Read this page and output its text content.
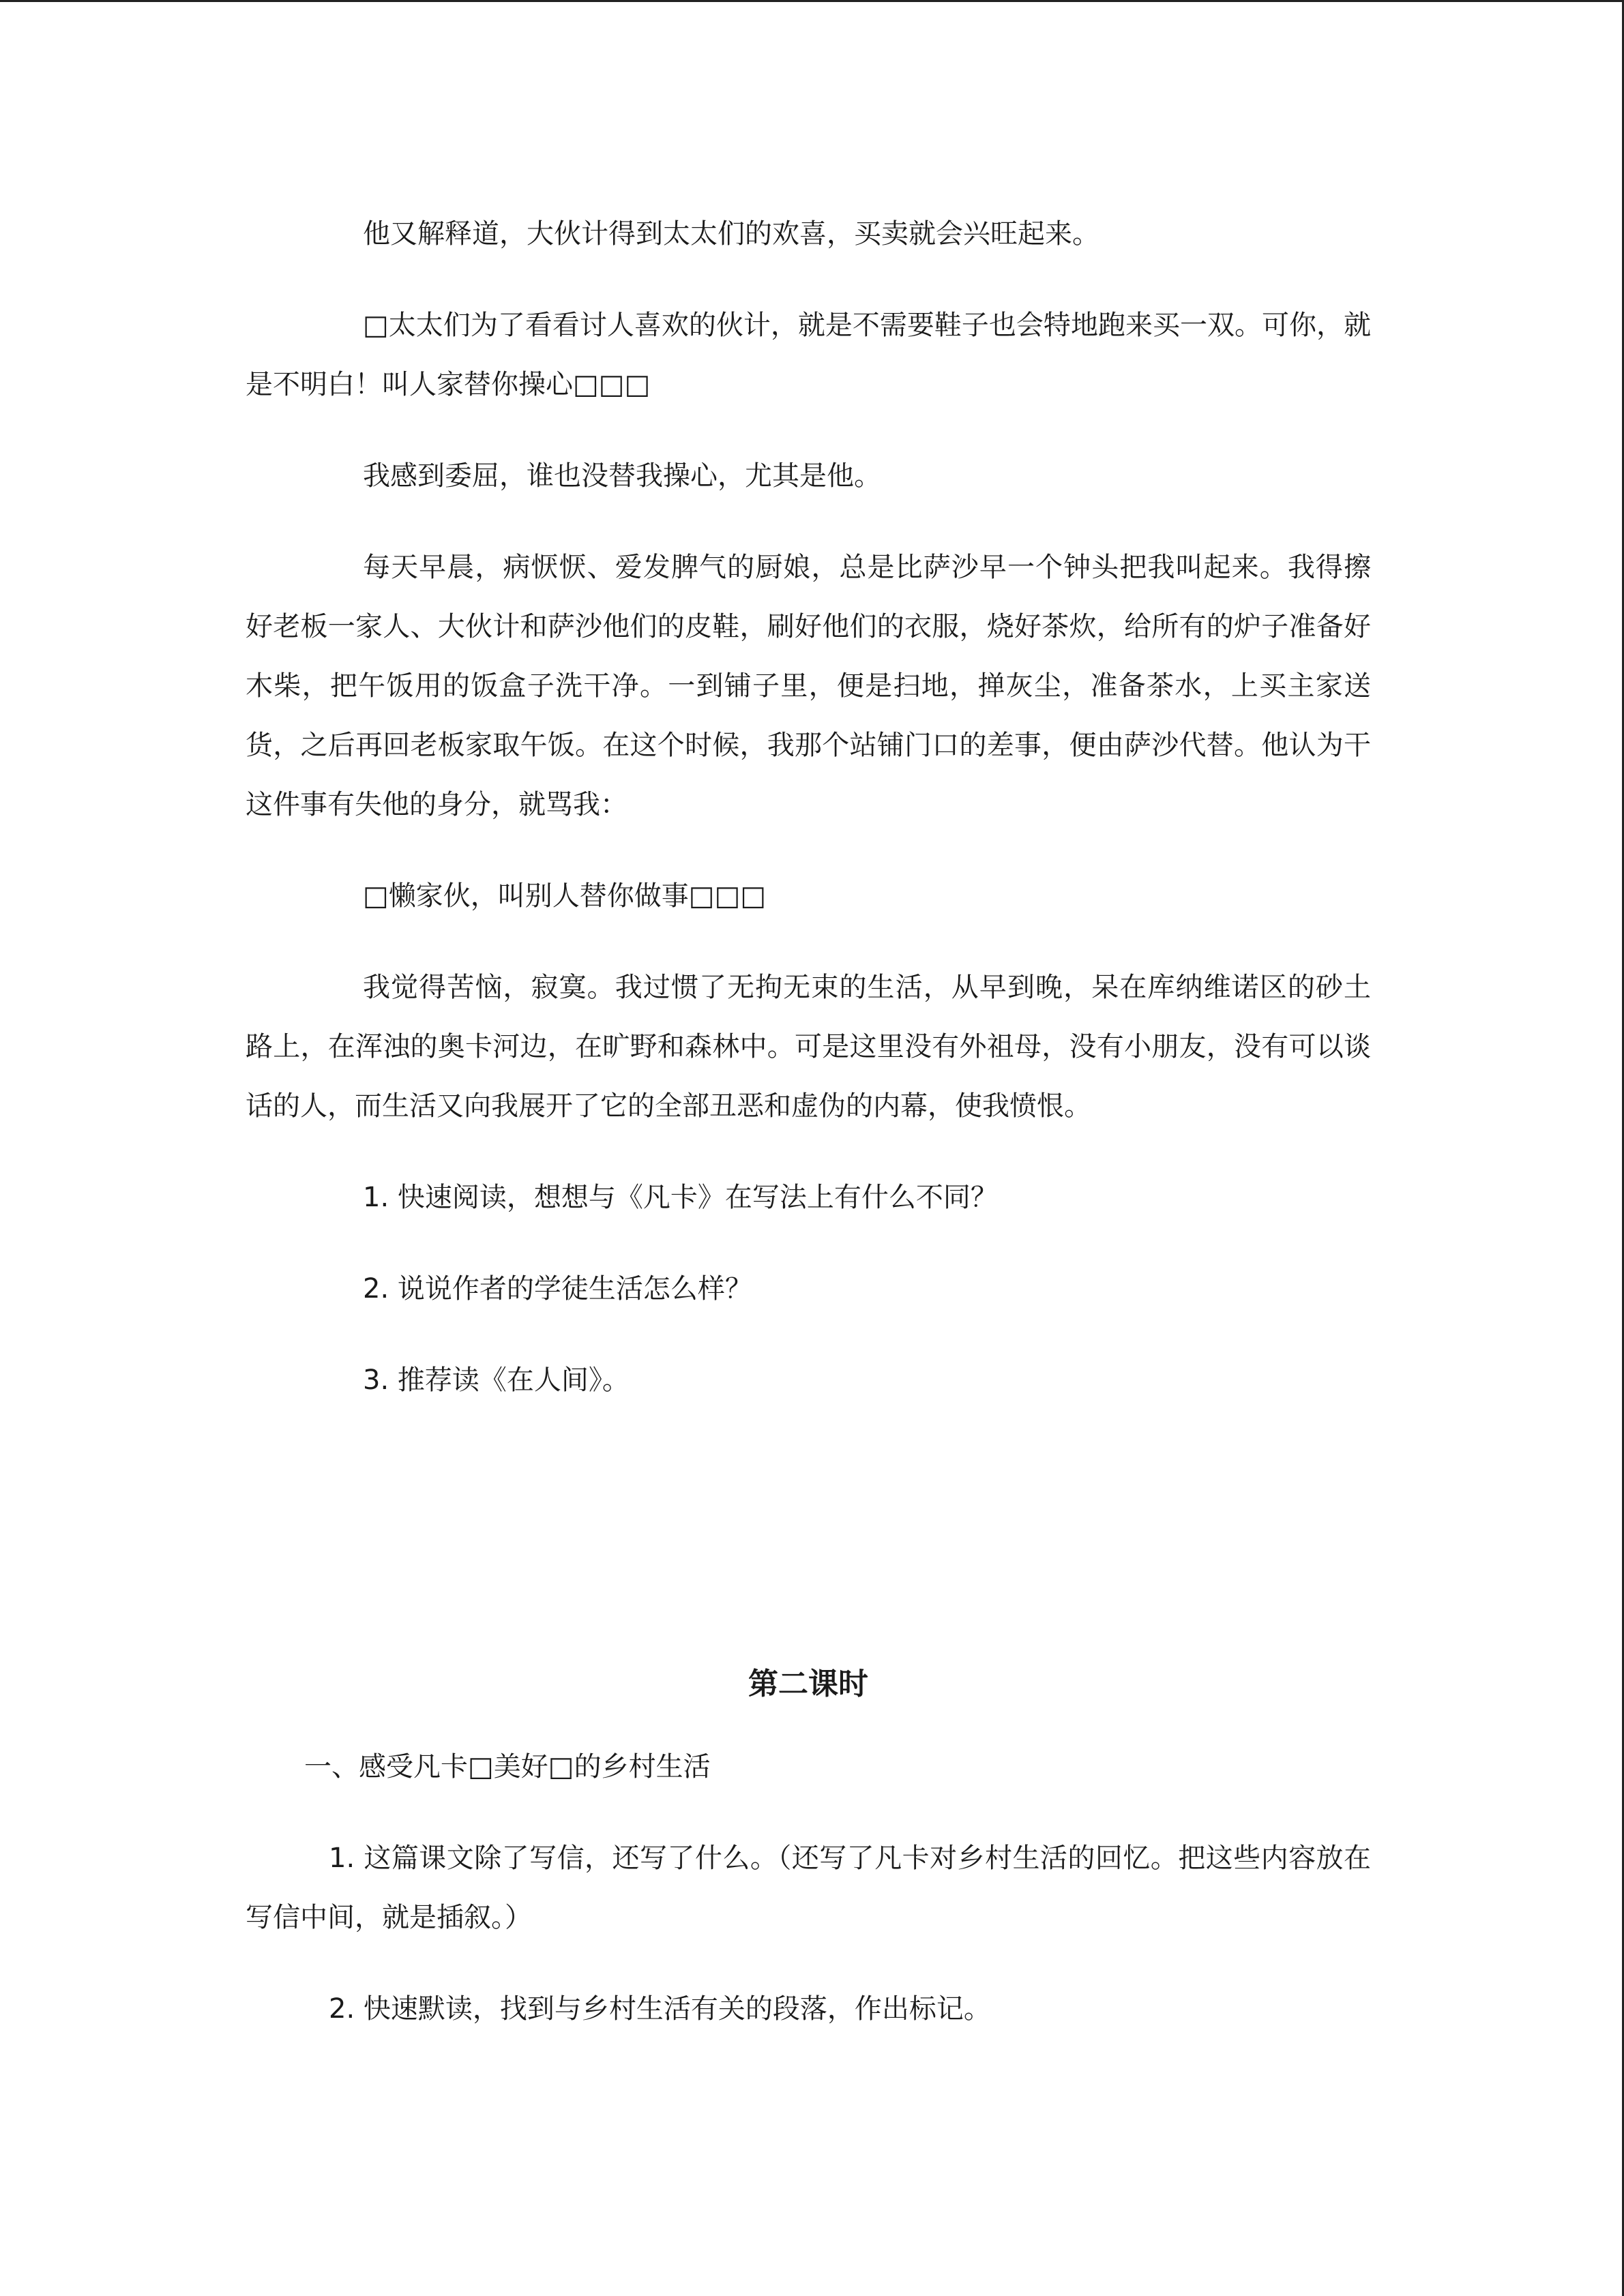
他又解释道，大伙计得到太太们的欢喜，买卖就会兴旺起来。

□太太们为了看看讨人喜欢的伙计，就是不需要鞋子也会特地跑来买一双。可你，就是不明白！叫人家替你操心□□□

我感到委屈，谁也没替我操心，尤其是他。

每天早晨，病恹恹、爱发脾气的厨娘，总是比萨沙早一个钟头把我叫起来。我得擦好老板一家人、大伙计和萨沙他们的皮鞋，刷好他们的衣服，烧好茶炊，给所有的炉子准备好木柴，把午饭用的饭盒子洗干净。一到铺子里，便是扫地，掸灰尘，准备茶水，上买主家送货，之后再回老板家取午饭。在这个时候，我那个站铺门口的差事，便由萨沙代替。他认为干这件事有失他的身分，就骂我：

□懒家伙，叫别人替你做事□□□

我觉得苦恼，寂寞。我过惯了无拘无束的生活，从早到晚，呆在库纳维诺区的砂土路上，在浑浊的奥卡河边，在旷野和森林中。可是这里没有外祖母，没有小朋友，没有可以谈话的人，而生活又向我展开了它的全部丑恶和虚伪的内幕，使我愤恨。

1. 快速阅读，想想与《凡卡》在写法上有什么不同？

2. 说说作者的学徒生活怎么样？

3. 推荐读《在人间》。

第二课时

一、感受凡卡□美好□的乡村生活

1. 这篇课文除了写信，还写了什么。（还写了凡卡对乡村生活的回忆。把这些内容放在写信中间，就是插叙。）

2. 快速默读，找到与乡村生活有关的段落，作出标记。
